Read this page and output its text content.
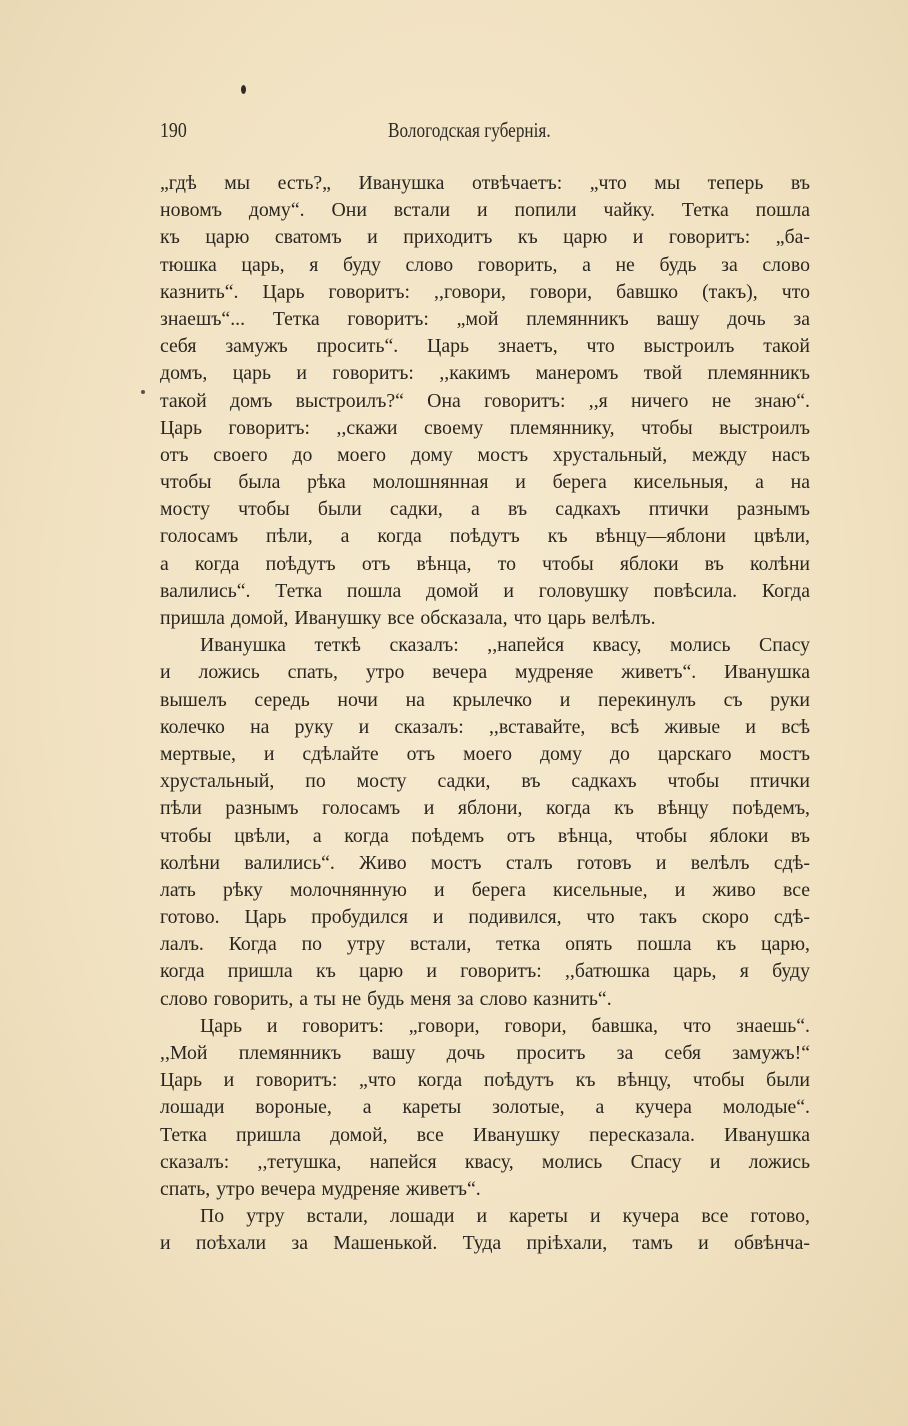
190	Вологодская губернія.
„гдѣ мы есть?„ Иванушка отвѣчаетъ: „что мы теперь въ
новомъ дому“. Они встали и попили чайку. Тетка пошла
къ царю сватомъ и приходитъ къ царю и говоритъ: „ба-
тюшка царь, я буду слово говорить, а не будь за слово
казнить“. Царь говоритъ: ,,говори, говори, бавшко (такъ), что
знаешъ“... Тетка говоритъ: „мой племянникъ вашу дочь за
себя замужъ просить“. Царь знаетъ, что выстроилъ такой
домъ, царь и говоритъ: ,,какимъ манеромъ твой племянникъ
такой домъ выстроилъ?“ Она говоритъ: ,,я ничего не знаю“.
Царь говоритъ: ,,скажи своему племяннику, чтобы выстроилъ
отъ своего до моего дому мостъ хрустальный, между насъ
чтобы была рѣка молошнянная и берега кисельныя, а на
мосту чтобы были садки, а въ садкахъ птички разнымъ
голосамъ пѣли, а когда поѣдутъ къ вѣнцу—яблони цвѣли,
а когда поѣдутъ отъ вѣнца, то чтобы яблоки въ колѣни
валились“. Тетка пошла домой и головушку повѣсила. Когда
пришла домой, Иванушку все обсказала, что царь велѣлъ.
Иванушка теткѣ сказалъ: ,,напейся квасу, молись Спасу
и ложись спать, утро вечера мудреняе живетъ“. Иванушка
вышелъ середь ночи на крылечко и перекинулъ съ руки
колечко на руку и сказалъ: ,,вставайте, всѣ живые и всѣ
мертвые, и сдѣлайте отъ моего дому до царскаго мостъ
хрустальный, по мосту садки, въ садкахъ чтобы птички
пѣли разнымъ голосамъ и яблони, когда къ вѣнцу поѣдемъ,
чтобы цвѣли, а когда поѣдемъ отъ вѣнца, чтобы яблоки въ
колѣни валились“. Живо мостъ сталъ готовъ и велѣлъ сдѣ-
лать рѣку молочнянную и берега кисельные, и живо все
готово. Царь пробудился и подивился, что такъ скоро сдѣ-
лалъ. Когда по утру встали, тетка опять пошла къ царю,
когда пришла къ царю и говоритъ: ,,батюшка царь, я буду
слово говорить, а ты не будь меня за слово казнить“.
Царь и говоритъ: „говори, говори, бавшка, что знаешь“.
,,Мой племянникъ вашу дочь проситъ за себя замужъ!“
Царь и говоритъ: „что когда поѣдутъ къ вѣнцу, чтобы были
лошади вороные, а кареты золотые, а кучера молодые“.
Тетка пришла домой, все Иванушку пересказала. Иванушка
сказалъ: ,,тетушка, напейся квасу, молись Спасу и ложись
спать, утро вечера мудреняе живетъ“.
По утру встали, лошади и кареты и кучера все готово,
и поѣхали за Машенькой. Туда пріѣхали, тамъ и обвѣнча-
